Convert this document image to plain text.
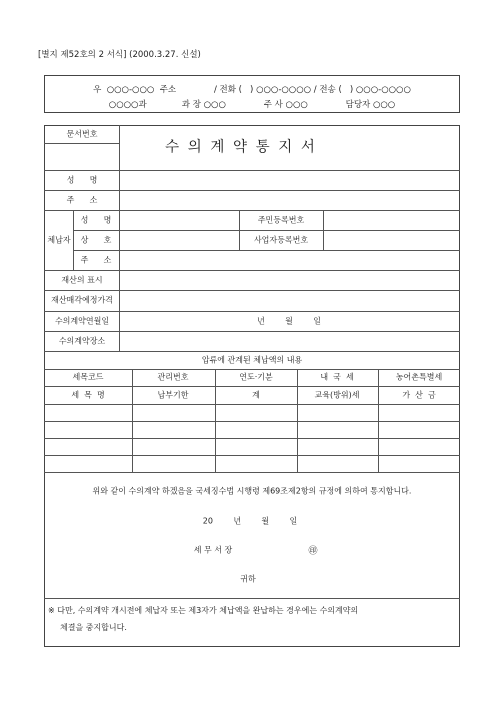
[별지 제52호의 2 서식] (2000.3.27. 신설)
우  ○○○-○○○  주소              / 전화 (   ) ○○○-○○○○ / 전송 (   ) ○○○-○○○○
○○○○과             과 장 ○○○              주 사 ○○○              담당자 ○○○
문서번호
수 의 계 약 통 지 서
성      명
주      소
체납자
성      명	주민등록번호
상      호	사업자등록번호
주      소
재산의 표시
재산매각예정가격
수의계약연월일	년        월        일
수의계약장소
압류에 관계된 체납액의 내용
세목코드	관리번호	연도·기분	내  국  세	농어촌특별세
세  목  명	납부기한	계	교육(방위)세	가  산  금
위와 같이 수의계약 하겠음을 국세징수법 시행령 제69조제2항의 규정에 의하여 통지합니다.
20        년        월        일
세 무 서 장	㊞
귀하
※ 다만, 수의계약 개시전에 체납자 또는 제3자가 체납액을 완납하는 경우에는 수의계약의
체결을 중지합니다.
